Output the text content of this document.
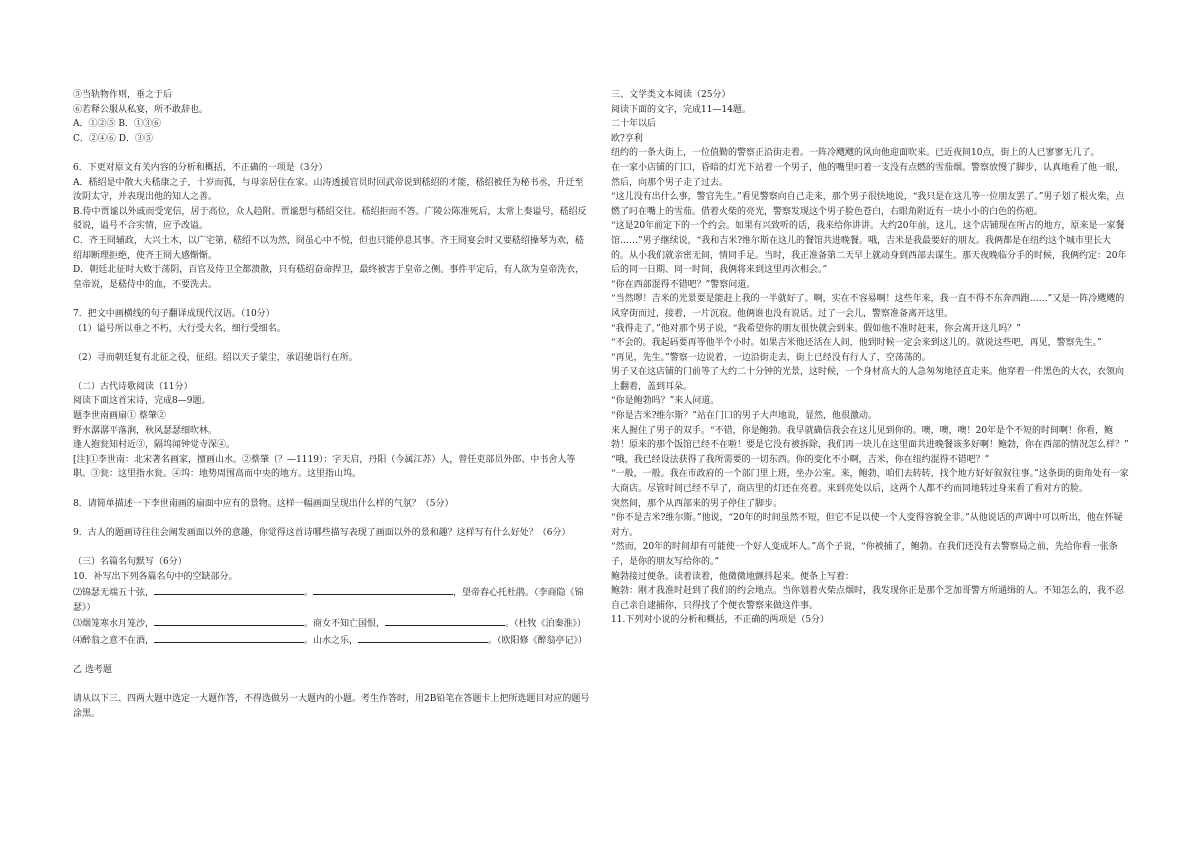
⑤当轨物作则，垂之于后

⑥若释公服从私宴，所不敢辞也。

A．①②⑤ B．①③⑥

C．②④⑥ D．③⑤

6．下更对原文有关内容的分析和概括，不正确的一项是（3分）

A．嵇绍是中散大夫嵇康之子，十岁而孤，与母亲居住在家。山涛透援官员时回武帝说到嵇绍的才能，嵇绍被任为秘书丞，升迁至汝阴太守，并表现出他的知人之善。

B.侍中贾谧以外戚而受宠信，居于高位，众人趋附。贾谧想与嵇绍交往。嵇绍拒而不答。广陵公陈准死后，太常上奏谥号，嵇绍反驳说，谥号不合实情，应予改谥。

C．齐王冏辅政，大兴土木，以广宅第，嵇绍不以为然，冏虽心中不悦，但也只能停息其事。齐王冏宴会时又要嵇绍操琴为欢，嵇绍却断理拒绝，使齐王冏大感惭惭。

D．朝廷北征时大败于荡阴，百官及侍卫全都溃散，只有嵇绍奋命捍卫，最终被害于皇帝之侧。事件平定后，有人欲为皇帝洗衣，皇帝说，是嵇侍中的血，不要洗去。

7．把文中画横线的句子翻译成现代汉语。（10分）

（1）谥号所以垂之不朽，大行受大名，细行受细名。

（2）寻而朝廷复有北征之役，征绍。绍以天子蒙尘，承诏驰诣行在所。

（二）古代诗歌阅读（11分）

阅读下面这首宋诗，完成8—9题。

题李世南画扇① 蔡肇②

野水潺潺平落涧，秋风瑟瑟细吹林。

逢人抱瓮知村近③，隔坞闻钟觉寺深④。

[注]①李世南：北宋著名画家，擅画山水。②蔡肇（？—1119）：字天启，丹阳（今属江苏）人，曾任吏部员外郎、中书舍人等职。③瓮：这里指水瓮。④坞：地势周围高而中央的地方。这里指山坞。

8．请简单描述一下李世南画的扇面中应有的景物。这样一幅画面呈现出什么样的气氛？（5分）

9．古人的题画诗往往会阐发画面以外的意趣，你觉得这首诗哪些描写表现了画面以外的景和趣？这样写有什么好处？（6分）

（三）名篇名句默写（6分）

10．补写出下列各篇名句中的空缺部分。

⑵锦瑟无端五十弦，	。	，望帝春心托杜鹃。（李商隐《锦瑟》）

⑶烟笼寒水月笼沙，	。商女不知亡国恨，	。（杜牧《泊秦淮》）

⑷醉翁之意不在酒，	。山水之乐，	。（欧阳修《醉翁亭记》）

乙 选考题

请从以下三、四两大题中选定一大题作答，不得选做另一大题内的小题。考生作答时，用2B铅笔在答题卡上把所选题目对应的题号涂黑。

三、文学类文本阅读（25分）

阅读下面的文字，完成11—14题。

二十年以后

欧?亨利

纽约的一条大街上，一位值勤的警察正沿街走着。一阵冷飕飕的风向他迎面吹来。已近夜间10点，街上的人已寥寥无几了。

在一家小店铺的门口，昏暗的灯光下站着一个男子，他的嘴里叼着一支没有点燃的雪茄烟。警察放慢了脚步，认真地看了他一眼，然后，向那个男子走了过去。

“这儿没有出什么事，警官先生。”看见警察向自己走来，那个男子很快地说，“我只是在这儿等一位朋友罢了。”男子划了根火柴，点燃了叼在嘴上的雪茄。借着火柴的亮光，警察发现这个男子脸色苍白，右眼角附近有一块小小的白色的伤疤。

“这是20年前定下的一个约会。如果有兴致听的话，我来给你讲讲。大约20年前，这儿，这个店铺现在所占的地方，原来是一家餐馆……”男子继续说，“我和吉米?维尔斯在这儿的餐馆共进晚餐。哦，吉米是我最要好的朋友。我俩都是在纽约这个城市里长大的。从小我们就亲密无间，情同手足。当时，我正准备第二天早上就动身到西部去谋生。那天夜晚临分手的时候，我俩约定：20年后的同一日期、同一时间，我俩将来到这里再次相会。”

“你在西部混得不错吧？”警察问道。

“当然啰！吉米的光景要是能赶上我的一半就好了。啊，实在不容易啊！这些年来，我一直不得不东奔西跑……”又是一阵冷飕飕的风穿街而过，接着，一片沉寂。他俩谁也没有说话。过了一会儿，警察准备离开这里。

“我得走了，”他对那个男子说，“我希望你的朋友很快就会到来。假如他不准时赶来，你会离开这儿吗？”

“不会的。我起码要再等他半个小时。如果吉米他还活在人间，他到时候一定会来到这儿的。就说这些吧，再见，警察先生。”

“再见，先生。”警察一边说着，一边沿街走去，街上已经没有行人了，空荡荡的。

男子又在这店铺的门前等了大约二十分钟的光景，这时候，一个身材高大的人急匆匆地径直走来。他穿着一件黑色的大衣，衣领向上翻着，盖到耳朵。

“你是鲍勃吗？”来人问道。

“你是吉米?维尔斯？”站在门口的男子大声地说，显然，他很激动。

来人握住了男子的双手。“不错，你是鲍勃。我早就确信我会在这儿见到你的。噢，噢，噢！20年是个不短的时间啊！你看，鲍勃！原来的那个饭馆已经不在啦！要是它没有被拆除，我们再一块儿在这里面共进晚餐该多好啊！鲍勃，你在西部的情况怎么样？”

“哦，我已经设法获得了我所需要的一切东西。你的变化不小啊，吉米，你在纽约混得不错吧？”

“一般，一般。我在市政府的一个部门里上班，坐办公室。来，鲍勃，咱们去转转，找个地方好好叙叙往事。”这条街的街角处有一家大商店。尽管时间已经不早了，商店里的灯还在亮着。来到亮处以后，这两个人都不约而同地转过身来看了看对方的脸。

突然间，那个从西部来的男子停住了脚步。

“你不是吉米?维尔斯。”他说，“20年的时间虽然不短，但它不足以使一个人变得容貌全非。”从他说话的声调中可以听出，他在怀疑对方。

“然而，20年的时间却有可能使一个好人变成坏人。”高个子说，“你被捕了，鲍勃。在我们还没有去警察局之前，先给你看一张条子，是你的朋友写给你的。”

鲍勃接过便条。读着读着，他微微地颤抖起来。便条上写着：

鲍勃：刚才我准时赶到了我们的约会地点。当你划着火柴点烟时，我发现你正是那个芝加哥警方所通缉的人。不知怎么的，我不忍自己亲自逮捕你，只得找了个便衣警察来做这件事。

11.下列对小说的分析和概括，不正确的两项是（5分）
